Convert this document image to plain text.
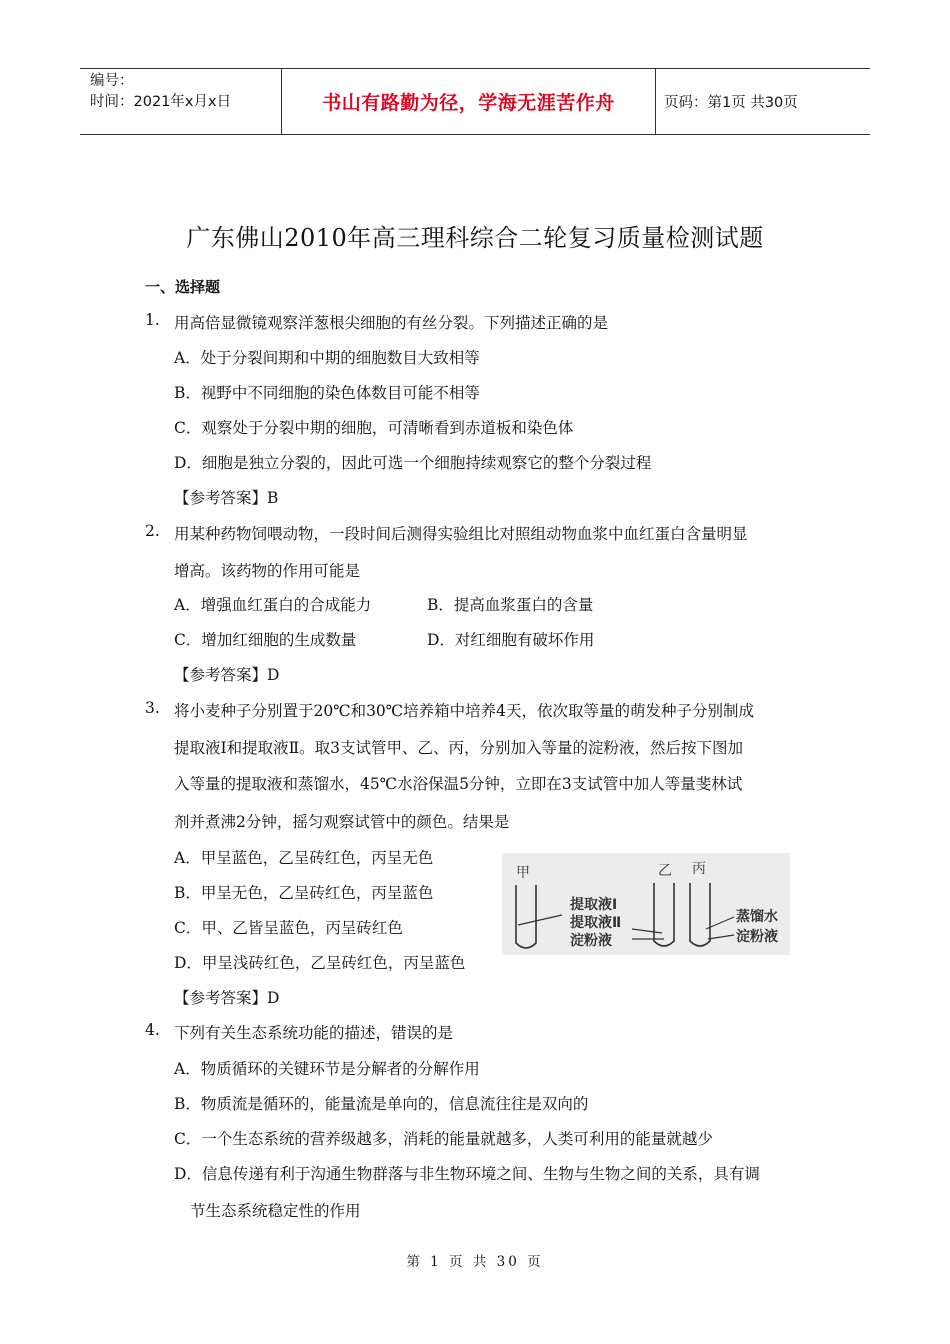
编号：
时间：2021年x月x日	书山有路勤为径，学海无涯苦作舟	页码：第1页 共30页
广东佛山2010年高三理科综合二轮复习质量检测试题
一、选择题
1. 用高倍显微镜观察洋葱根尖细胞的有丝分裂。下列描述正确的是
A．处于分裂间期和中期的细胞数目大致相等
B．视野中不同细胞的染色体数目可能不相等
C．观察处于分裂中期的细胞，可清晰看到赤道板和染色体
D．细胞是独立分裂的，因此可选一个细胞持续观察它的整个分裂过程
【参考答案】B
2. 用某种药物饲喂动物，一段时间后测得实验组比对照组动物血浆中血红蛋白含量明显
增高。该药物的作用可能是
A．增强血红蛋白的合成能力	B．提高血浆蛋白的含量
C．增加红细胞的生成数量	D．对红细胞有破坏作用
【参考答案】D
3. 将小麦种子分别置于20℃和30℃培养箱中培养4天，依次取等量的萌发种子分别制成
提取液Ⅰ和提取液Ⅱ。取3支试管甲、乙、丙，分别加入等量的淀粉液，然后按下图加
入等量的提取液和蒸馏水，45℃水浴保温5分钟，立即在3支试管中加人等量斐林试
剂并煮沸2分钟，摇匀观察试管中的颜色。结果是
A．甲呈蓝色，乙呈砖红色，丙呈无色
B．甲呈无色，乙呈砖红色，丙呈蓝色
C．甲、乙皆呈蓝色，丙呈砖红色
D．甲呈浅砖红色，乙呈砖红色，丙呈蓝色
【参考答案】D
甲	乙 丙
提取液Ⅰ
提取液Ⅱ
淀粉液
蒸馏水
淀粉液
4. 下列有关生态系统功能的描述，错误的是
A．物质循环的关键环节是分解者的分解作用
B．物质流是循环的，能量流是单向的，信息流往往是双向的
C．一个生态系统的营养级越多，消耗的能量就越多，人类可利用的能量就越少
D．信息传递有利于沟通生物群落与非生物环境之间、生物与生物之间的关系，具有调
节生态系统稳定性的作用
第 1 页 共 30 页
